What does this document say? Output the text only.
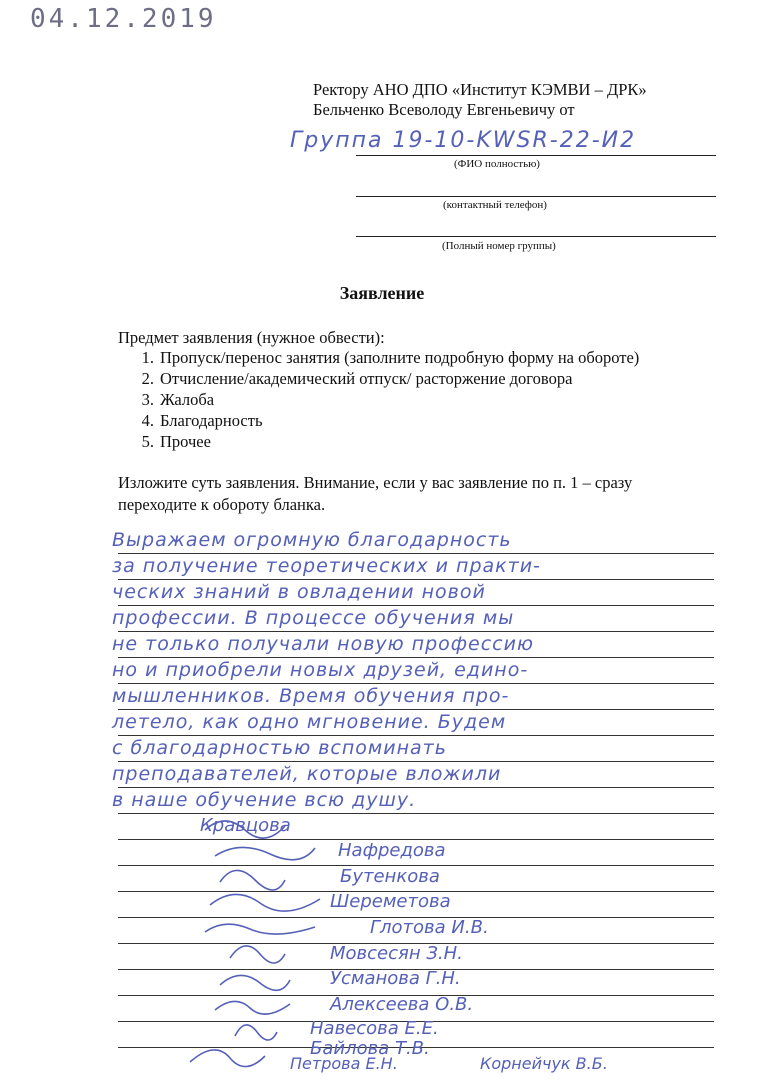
04.12.2019
Ректору АНО ДПО «Институт КЭМВИ – ДРК»
Бельченко Всеволоду Евгеньевичу от
Группа 19-10-KWSR-22-И2
(ФИО полностью)
(контактный телефон)
(Полный номер группы)
Заявление
Предмет заявления (нужное обвести):
1. Пропуск/перенос занятия (заполните подробную форму на обороте)
2. Отчисление/академический отпуск/ расторжение договора
3. Жалоба
4. Благодарность
5. Прочее
Изложите суть заявления. Внимание, если у вас заявление по п. 1 – сразу переходите к обороту бланка.
Выражаем огромную благодарность
за получение теоретических и практи-
ческих знаний в овладении новой
профессии. В процессе обучения мы
не только получали новую профессию
но и приобрели новых друзей, едино-
мышленников. Время обучения про-
летело, как одно мгновение. Будем
с благодарностью вспоминать
преподавателей, которые вложили
в наше обучение всю душу.
Кравцова
Нафредова
Бутенкова
Шереметова
Глотова И.В.
Мовсесян З.Н.
Усманова Г.Н.
Алексеева О.В.
Навесова Е.Е.
Байлова Т.В.
Петрова Е.Н.	Корнейчук В.Б.
